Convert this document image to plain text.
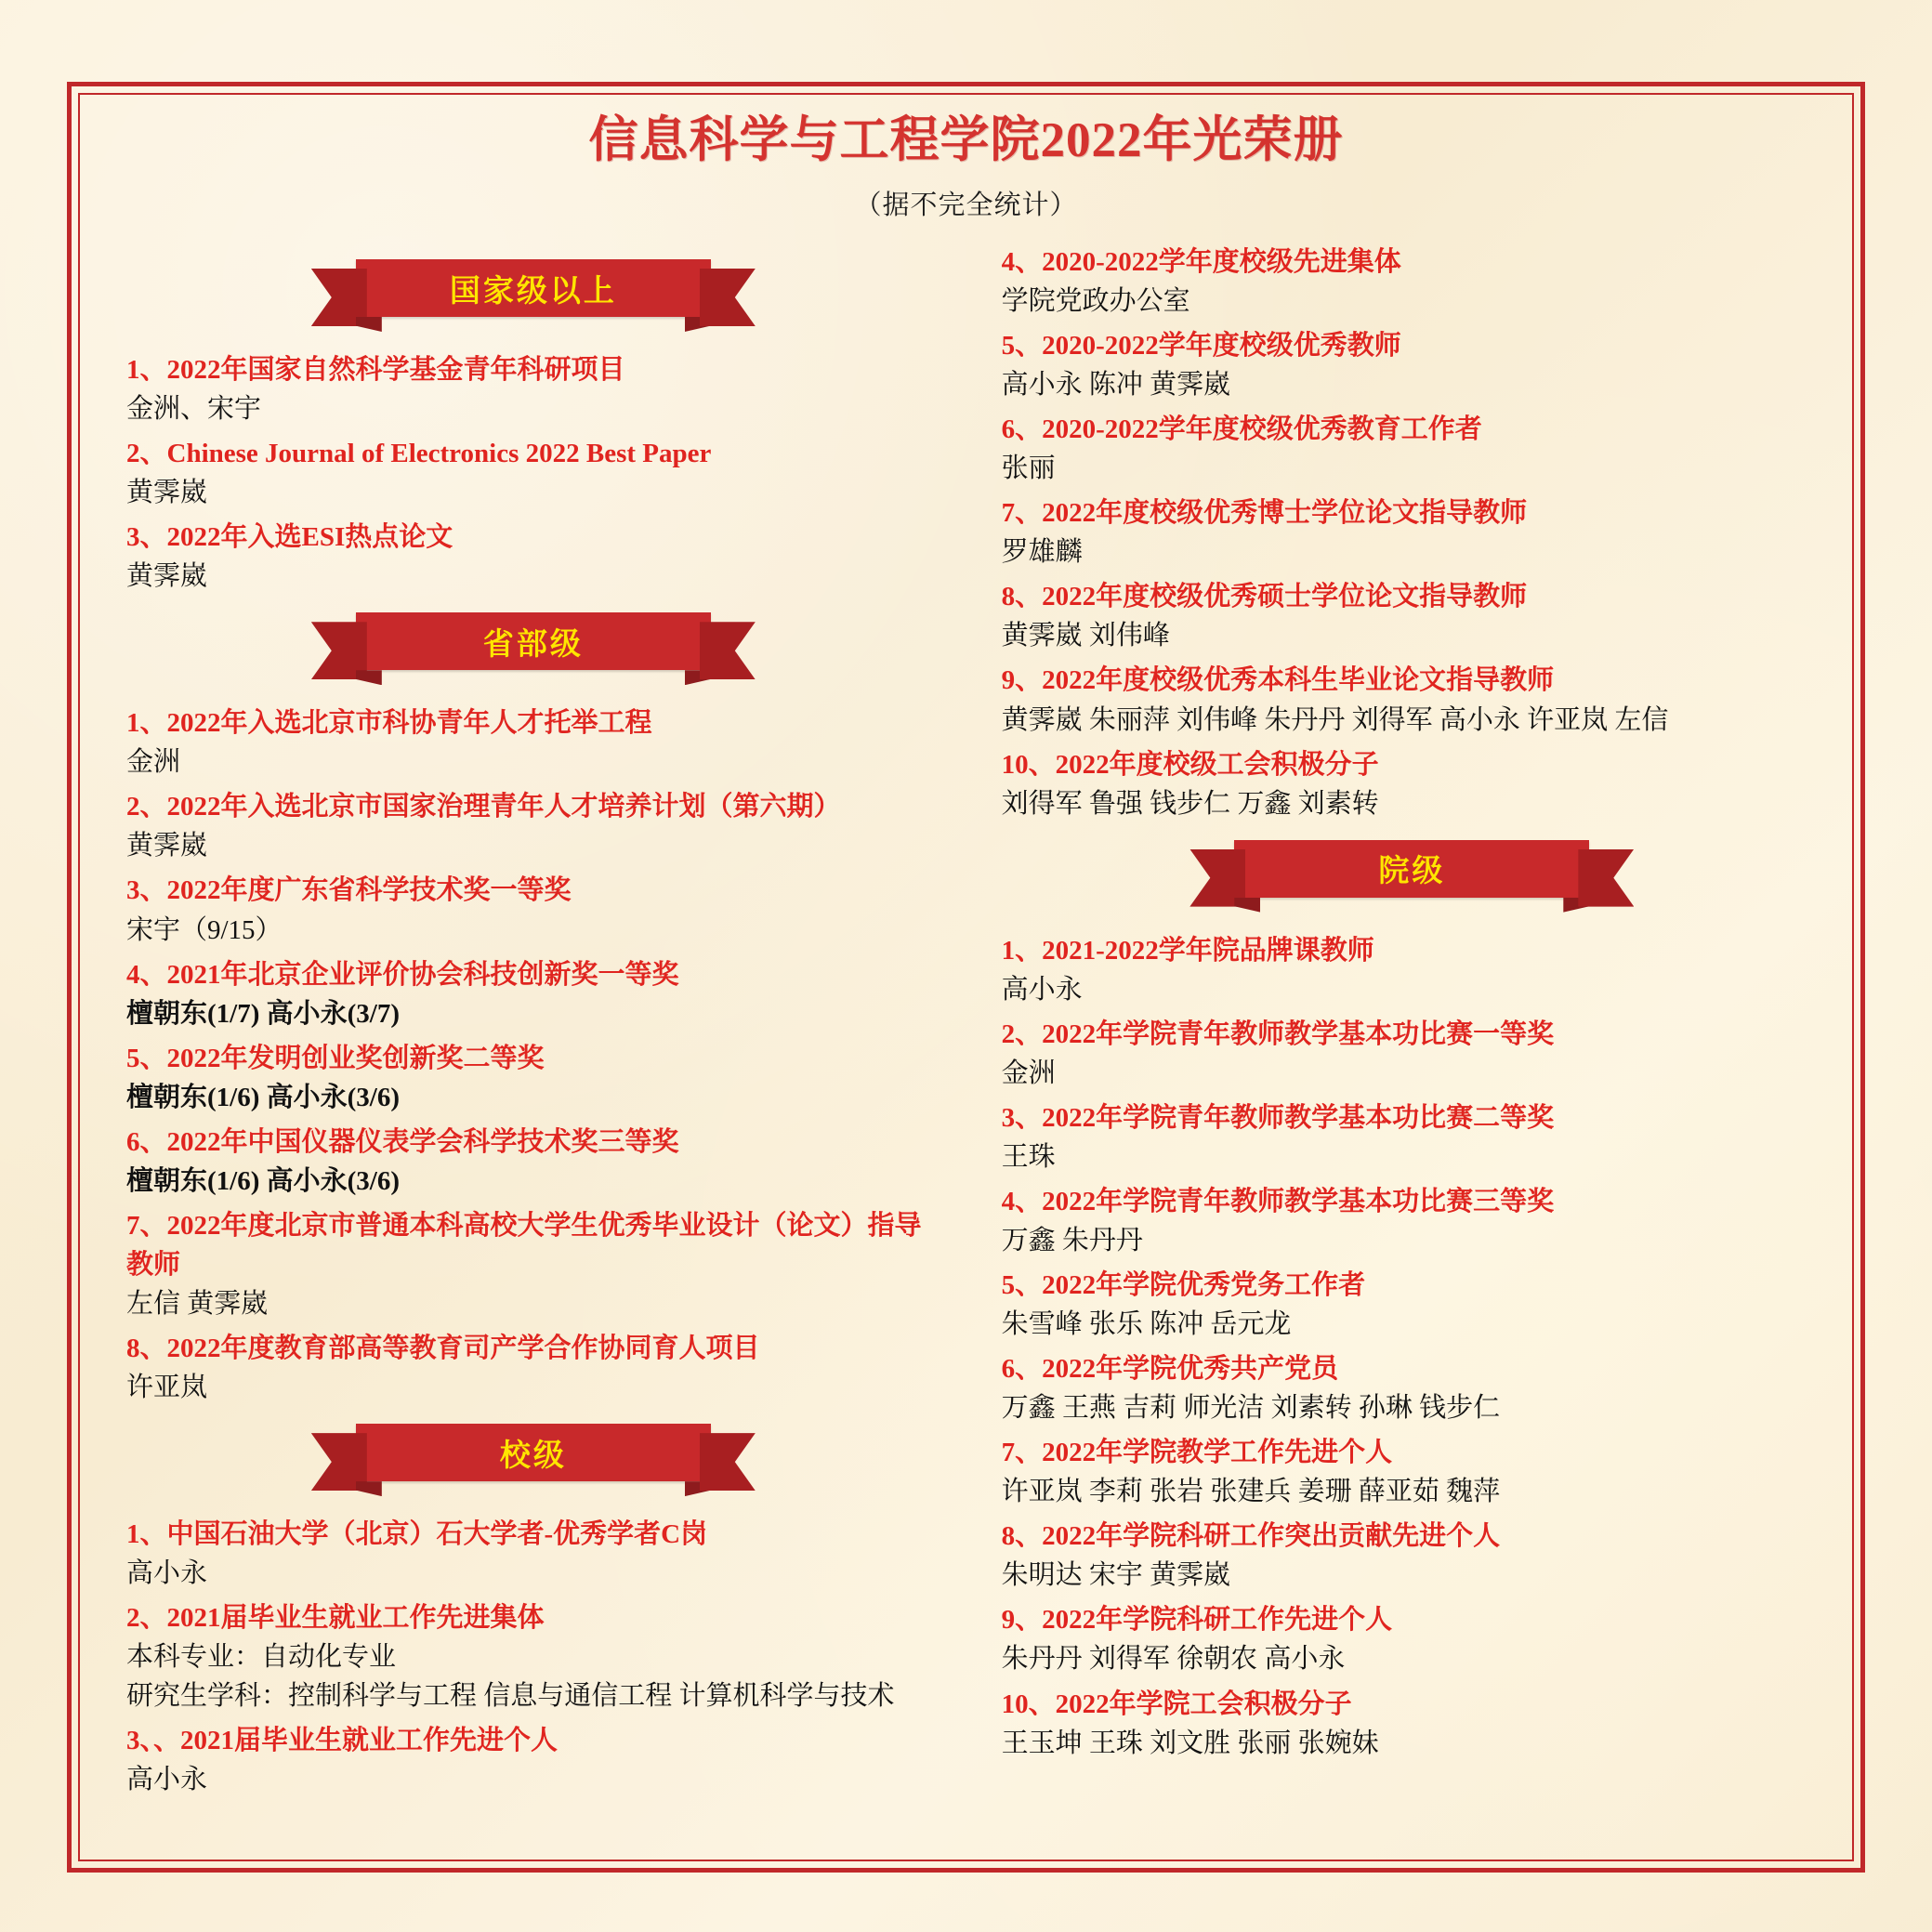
信息科学与工程学院2022年光荣册
（据不完全统计）
国家级以上
1、2022年国家自然科学基金青年科研项目
金洲、宋宇
2、Chinese Journal of Electronics 2022 Best Paper
黄霁崴
3、2022年入选ESI热点论文
黄霁崴
省部级
1、2022年入选北京市科协青年人才托举工程
金洲
2、2022年入选北京市国家治理青年人才培养计划（第六期）
黄霁崴
3、2022年度广东省科学技术奖一等奖
宋宇（9/15）
4、2021年北京企业评价协会科技创新奖一等奖
檀朝东(1/7) 高小永(3/7)
5、2022年发明创业奖创新奖二等奖
檀朝东(1/6) 高小永(3/6)
6、2022年中国仪器仪表学会科学技术奖三等奖
檀朝东(1/6) 高小永(3/6)
7、2022年度北京市普通本科高校大学生优秀毕业设计（论文）指导教师
左信 黄霁崴
8、2022年度教育部高等教育司产学合作协同育人项目
许亚岚
校级
1、中国石油大学（北京）石大学者-优秀学者C岗
高小永
2、2021届毕业生就业工作先进集体
本科专业：自动化专业
研究生学科：控制科学与工程 信息与通信工程 计算机科学与技术
3、、2021届毕业生就业工作先进个人
高小永
4、2020-2022学年度校级先进集体
学院党政办公室
5、2020-2022学年度校级优秀教师
高小永 陈冲 黄霁崴
6、2020-2022学年度校级优秀教育工作者
张丽
7、2022年度校级优秀博士学位论文指导教师
罗雄麟
8、2022年度校级优秀硕士学位论文指导教师
黄霁崴 刘伟峰
9、2022年度校级优秀本科生毕业论文指导教师
黄霁崴 朱丽萍 刘伟峰 朱丹丹 刘得军 高小永 许亚岚 左信
10、2022年度校级工会积极分子
刘得军 鲁强 钱步仁 万鑫 刘素转
院级
1、2021-2022学年院品牌课教师
高小永
2、2022年学院青年教师教学基本功比赛一等奖
金洲
3、2022年学院青年教师教学基本功比赛二等奖
王珠
4、2022年学院青年教师教学基本功比赛三等奖
万鑫 朱丹丹
5、2022年学院优秀党务工作者
朱雪峰 张乐 陈冲 岳元龙
6、2022年学院优秀共产党员
万鑫 王燕 吉莉 师光洁 刘素转 孙琳 钱步仁
7、2022年学院教学工作先进个人
许亚岚 李莉 张岩 张建兵 姜珊 薛亚茹 魏萍
8、2022年学院科研工作突出贡献先进个人
朱明达 宋宇 黄霁崴
9、2022年学院科研工作先进个人
朱丹丹 刘得军 徐朝农 高小永
10、2022年学院工会积极分子
王玉坤 王珠 刘文胜 张丽 张婉妹
